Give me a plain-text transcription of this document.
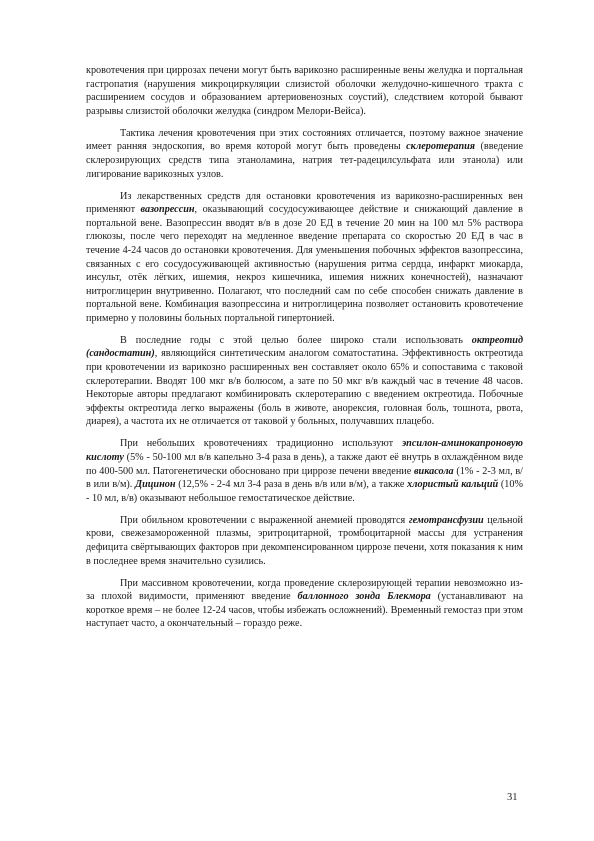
кровотечения при циррозах печени могут быть варикозно расширенные вены желудка и портальная гастропатия (нарушения микроциркуляции слизистой оболочки желудочно-кишечного тракта с расширением сосудов и образованием артериовенозных соустий), следствием которой бывают разрывы слизистой оболочки желудка (синдром Мелори-Вейса).

Тактика лечения кровотечения при этих состояниях отличается, поэтому важное значение имеет ранняя эндоскопия, во время которой могут быть проведены склеротерапия (введение склерозирующих средств типа этаноламина, натрия тет-радецилсульфата или этанола) или лигирование варикозных узлов.

Из лекарственных средств для остановки кровотечения из варикозно-расширенных вен применяют вазопрессин, оказывающий сосудосуживающее действие и снижающий давление в портальной вене. Вазопрессин вводят в/в в дозе 20 ЕД в течение 20 мин на 100 мл 5% раствора глюкозы, после чего переходят на медленное введение препарата со скоростью 20 ЕД в час в течение 4-24 часов до остановки кровотечения. Для уменьшения побочных эффектов вазопрессина, связанных с его сосудосуживающей активностью (нарушения ритма сердца, инфаркт миокарда, инсульт, отёк лёгких, ишемия, некроз кишечника, ишемия нижних конечностей), назначают нитроглицерин внутривенно. Полагают, что последний сам по себе способен снижать давление в портальной вене. Комбинация вазопрессина и нитроглицерина позволяет остановить кровотечение примерно у половины больных портальной гипертонией.

В последние годы с этой целью более широко стали использовать октреотид (сандостатин), являющийся синтетическим аналогом соматостатина. Эффективность октреотида при кровотечении из варикозно расширенных вен составляет около 65% и сопоставима с таковой склеротерапии. Вводят 100 мкг в/в болюсом, а зате по 50 мкг в/в каждый час в течение 48 часов. Некоторые авторы предлагают комбинировать склеротерапию с введением октреотида. Побочные эффекты октреотида легко выражены (боль в животе, анорексия, головная боль, тошнота, рвота, диарея), а частота их не отличается от таковой у больных, получавших плацебо.

При небольших кровотечениях традиционно используют эпсилон-аминокапроновую кислоту (5% - 50-100 мл в/в капельно 3-4 раза в день), а также дают её внутрь в охлаждённом виде по 400-500 мл. Патогенетически обосновано при циррозе печени введение викасола (1% - 2-3 мл, в/в или в/м). Дицинон (12,5% - 2-4 мл 3-4 раза в день в/в или в/м), а также хлористый кальций (10% - 10 мл, в/в) оказывают небольшое гемостатическое действие.

При обильном кровотечении с выраженной анемией проводятся гемотрансфузии цельной крови, свежезамороженной плазмы, эритроцитарной, тромбоцитарной массы для устранения дефицита свёртывающих факторов при декомпенсированном циррозе печени, хотя показания к ним в последнее время значительно сузились.

При массивном кровотечении, когда проведение склерозирующей терапии невозможно из-за плохой видимости, применяют введение баллонного зонда Блекмора (устанавливают на короткое время – не более 12-24 часов, чтобы избежать осложнений). Временный гемостаз при этом наступает часто, а окончательный – гораздо реже.

31
